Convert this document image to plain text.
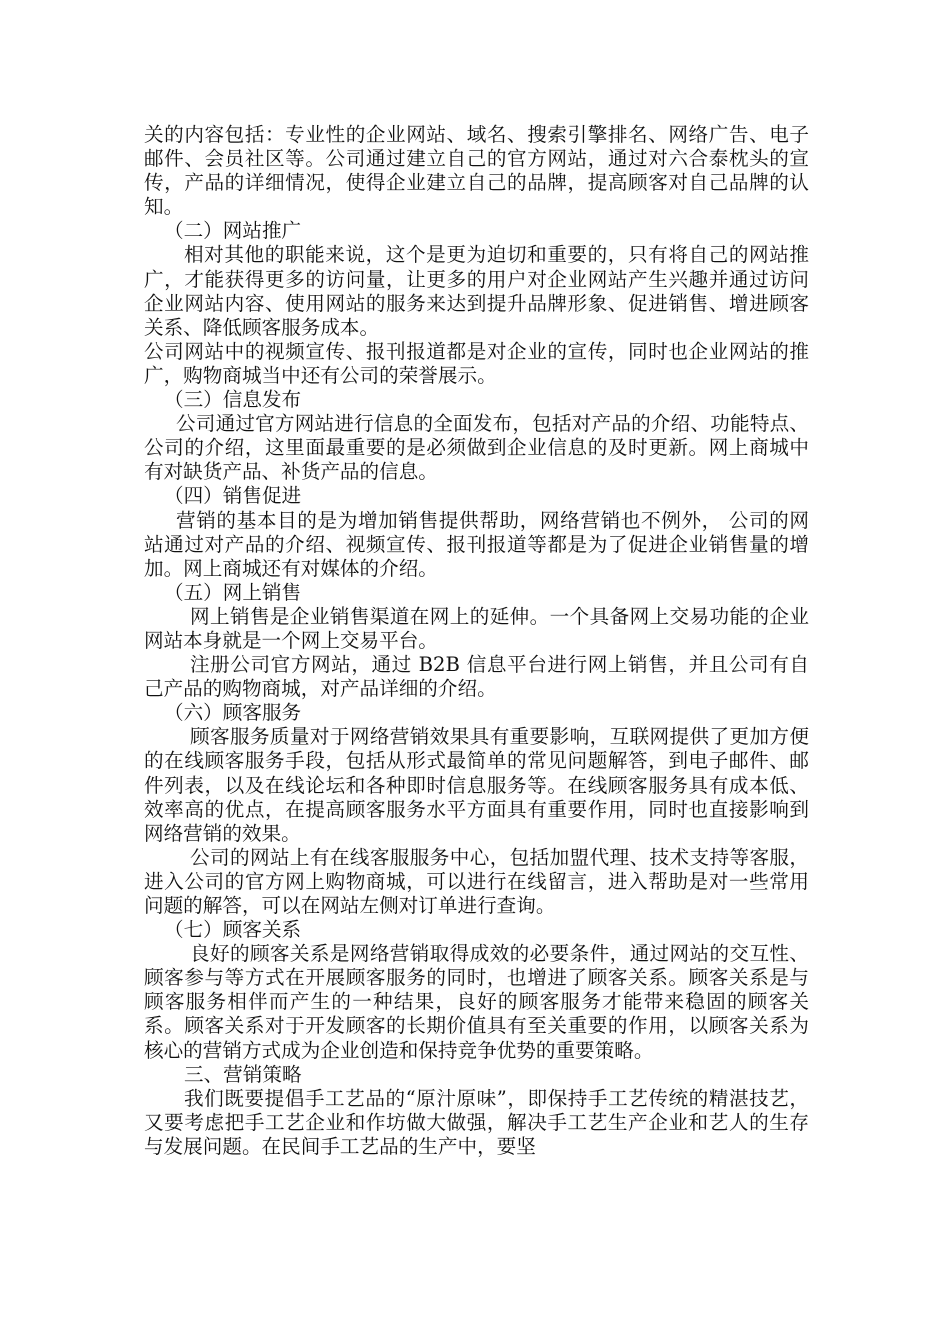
关的内容包括：专业性的企业网站、域名、搜索引擎排名、网络广告、电子邮件、会员社区等。公司通过建立自己的官方网站，通过对六合泰枕头的宣传，产品的详细情况，使得企业建立自己的品牌，提高顾客对自己品牌的认知。

（二）网站推广

相对其他的职能来说，这个是更为迫切和重要的，只有将自己的网站推广，才能获得更多的访问量，让更多的用户对企业网站产生兴趣并通过访问企业网站内容、使用网站的服务来达到提升品牌形象、促进销售、增进顾客关系、降低顾客服务成本。

公司网站中的视频宣传、报刊报道都是对企业的宣传，同时也企业网站的推广，购物商城当中还有公司的荣誉展示。

（三）信息发布

公司通过官方网站进行信息的全面发布，包括对产品的介绍、功能特点、公司的介绍，这里面最重要的是必须做到企业信息的及时更新。网上商城中有对缺货产品、补货产品的信息。

（四）销售促进

营销的基本目的是为增加销售提供帮助，网络营销也不例外， 公司的网站通过对产品的介绍、视频宣传、报刊报道等都是为了促进企业销售量的增加。网上商城还有对媒体的介绍。

（五）网上销售

网上销售是企业销售渠道在网上的延伸。一个具备网上交易功能的企业网站本身就是一个网上交易平台。

注册公司官方网站，通过 B2B 信息平台进行网上销售，并且公司有自己产品的购物商城，对产品详细的介绍。

（六）顾客服务

顾客服务质量对于网络营销效果具有重要影响，互联网提供了更加方便的在线顾客服务手段，包括从形式最简单的常见问题解答，到电子邮件、邮件列表，以及在线论坛和各种即时信息服务等。在线顾客服务具有成本低、效率高的优点，在提高顾客服务水平方面具有重要作用，同时也直接影响到网络营销的效果。

公司的网站上有在线客服服务中心，包括加盟代理、技术支持等客服，进入公司的官方网上购物商城，可以进行在线留言，进入帮助是对一些常用问题的解答，可以在网站左侧对订单进行查询。

（七）顾客关系

良好的顾客关系是网络营销取得成效的必要条件，通过网站的交互性、顾客参与等方式在开展顾客服务的同时，也增进了顾客关系。顾客关系是与顾客服务相伴而产生的一种结果，良好的顾客服务才能带来稳固的顾客关系。顾客关系对于开发顾客的长期价值具有至关重要的作用，以顾客关系为核心的营销方式成为企业创造和保持竞争优势的重要策略。

三、营销策略

我们既要提倡手工艺品的“原汁原味”，即保持手工艺传统的精湛技艺，又要考虑把手工艺企业和作坊做大做强，解决手工艺生产企业和艺人的生存与发展问题。在民间手工艺品的生产中，要坚
